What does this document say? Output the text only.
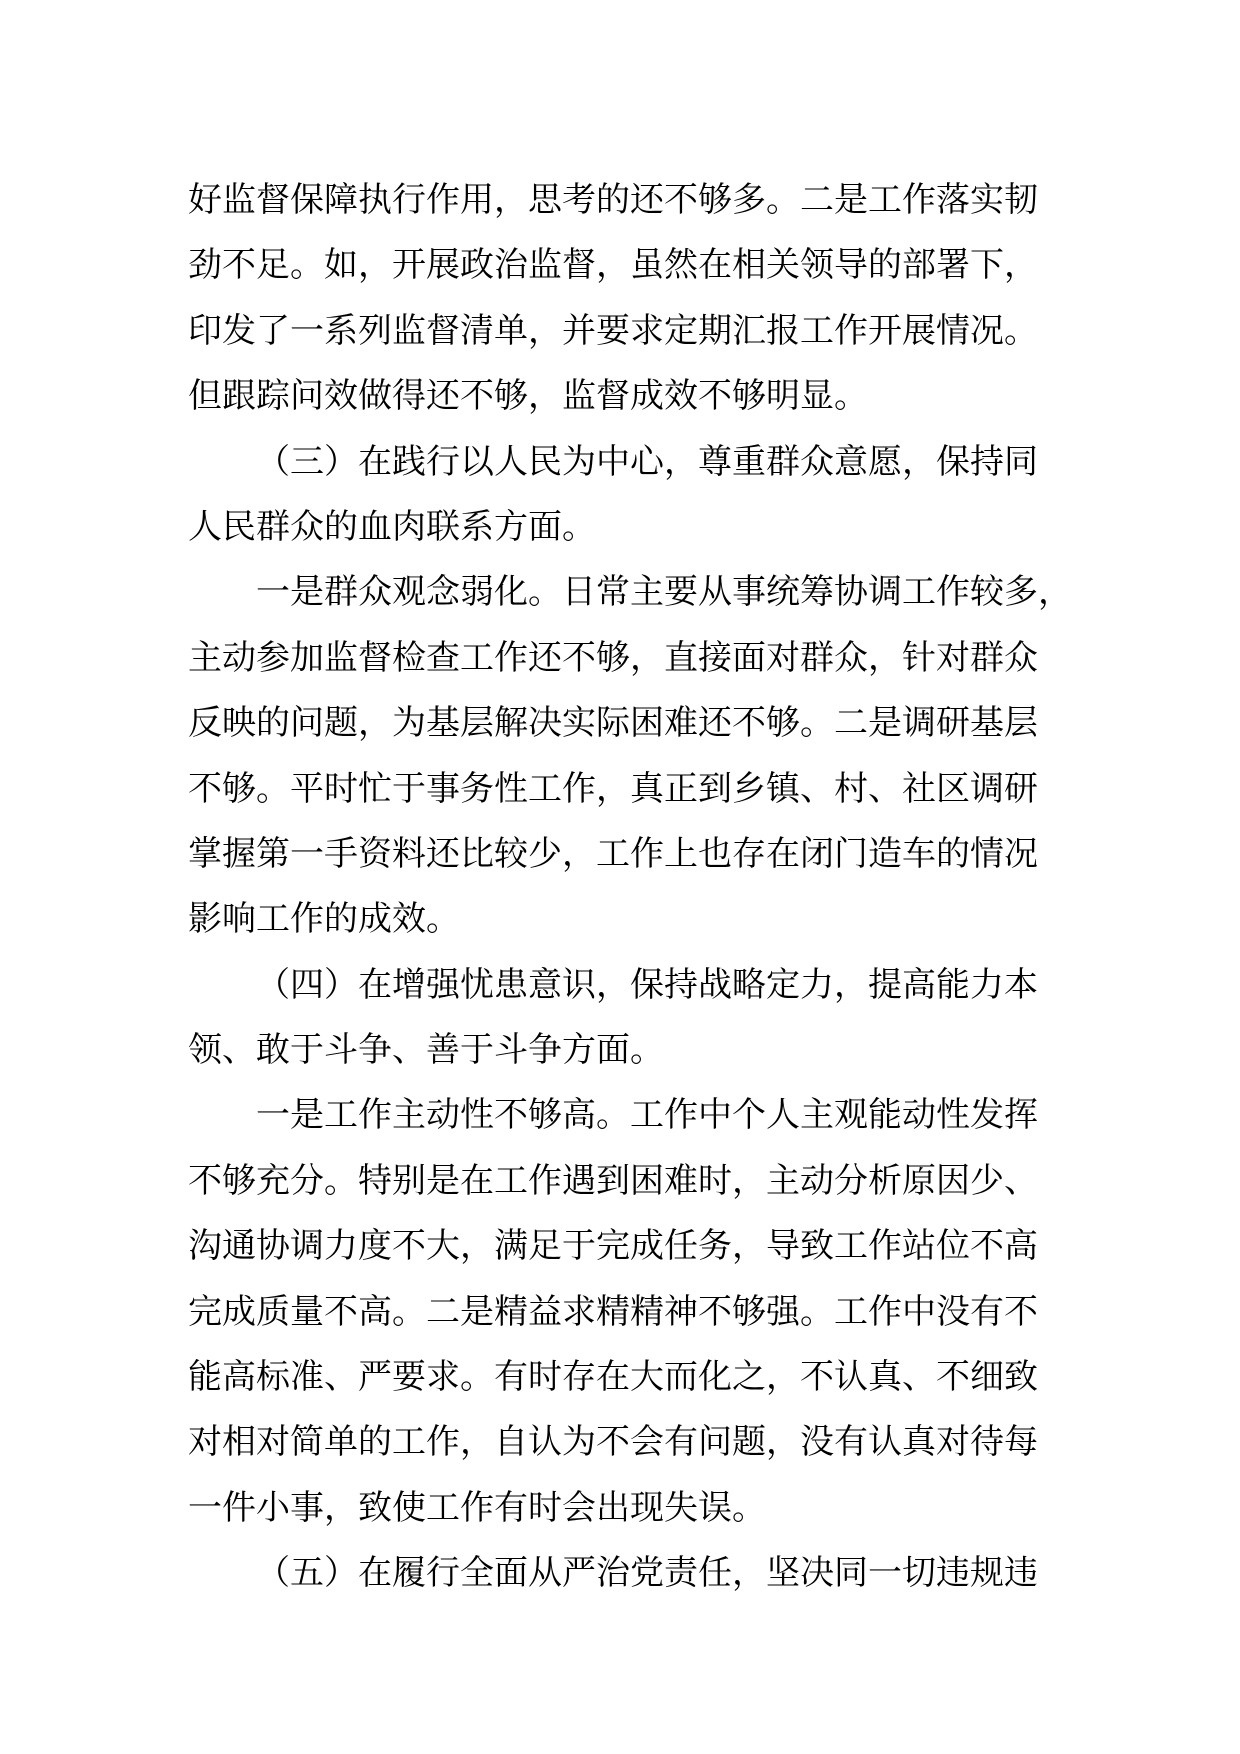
好监督保障执行作用，思考的还不够多。二是工作落实韧
劲不足。如，开展政治监督，虽然在相关领导的部署下，
印发了一系列监督清单，并要求定期汇报工作开展情况。
但跟踪问效做得还不够，监督成效不够明显。
（三）在践行以人民为中心，尊重群众意愿，保持同
人民群众的血肉联系方面。
一是群众观念弱化。日常主要从事统筹协调工作较多，
主动参加监督检查工作还不够，直接面对群众，针对群众
反映的问题，为基层解决实际困难还不够。二是调研基层
不够。平时忙于事务性工作，真正到乡镇、村、社区调研
掌握第一手资料还比较少，工作上也存在闭门造车的情况
影响工作的成效。
（四）在增强忧患意识，保持战略定力，提高能力本
领、敢于斗争、善于斗争方面。
一是工作主动性不够高。工作中个人主观能动性发挥
不够充分。特别是在工作遇到困难时，主动分析原因少、
沟通协调力度不大，满足于完成任务，导致工作站位不高
完成质量不高。二是精益求精精神不够强。工作中没有不
能高标准、严要求。有时存在大而化之，不认真、不细致
对相对简单的工作，自认为不会有问题，没有认真对待每
一件小事，致使工作有时会出现失误。
（五）在履行全面从严治党责任，坚决同一切违规违
